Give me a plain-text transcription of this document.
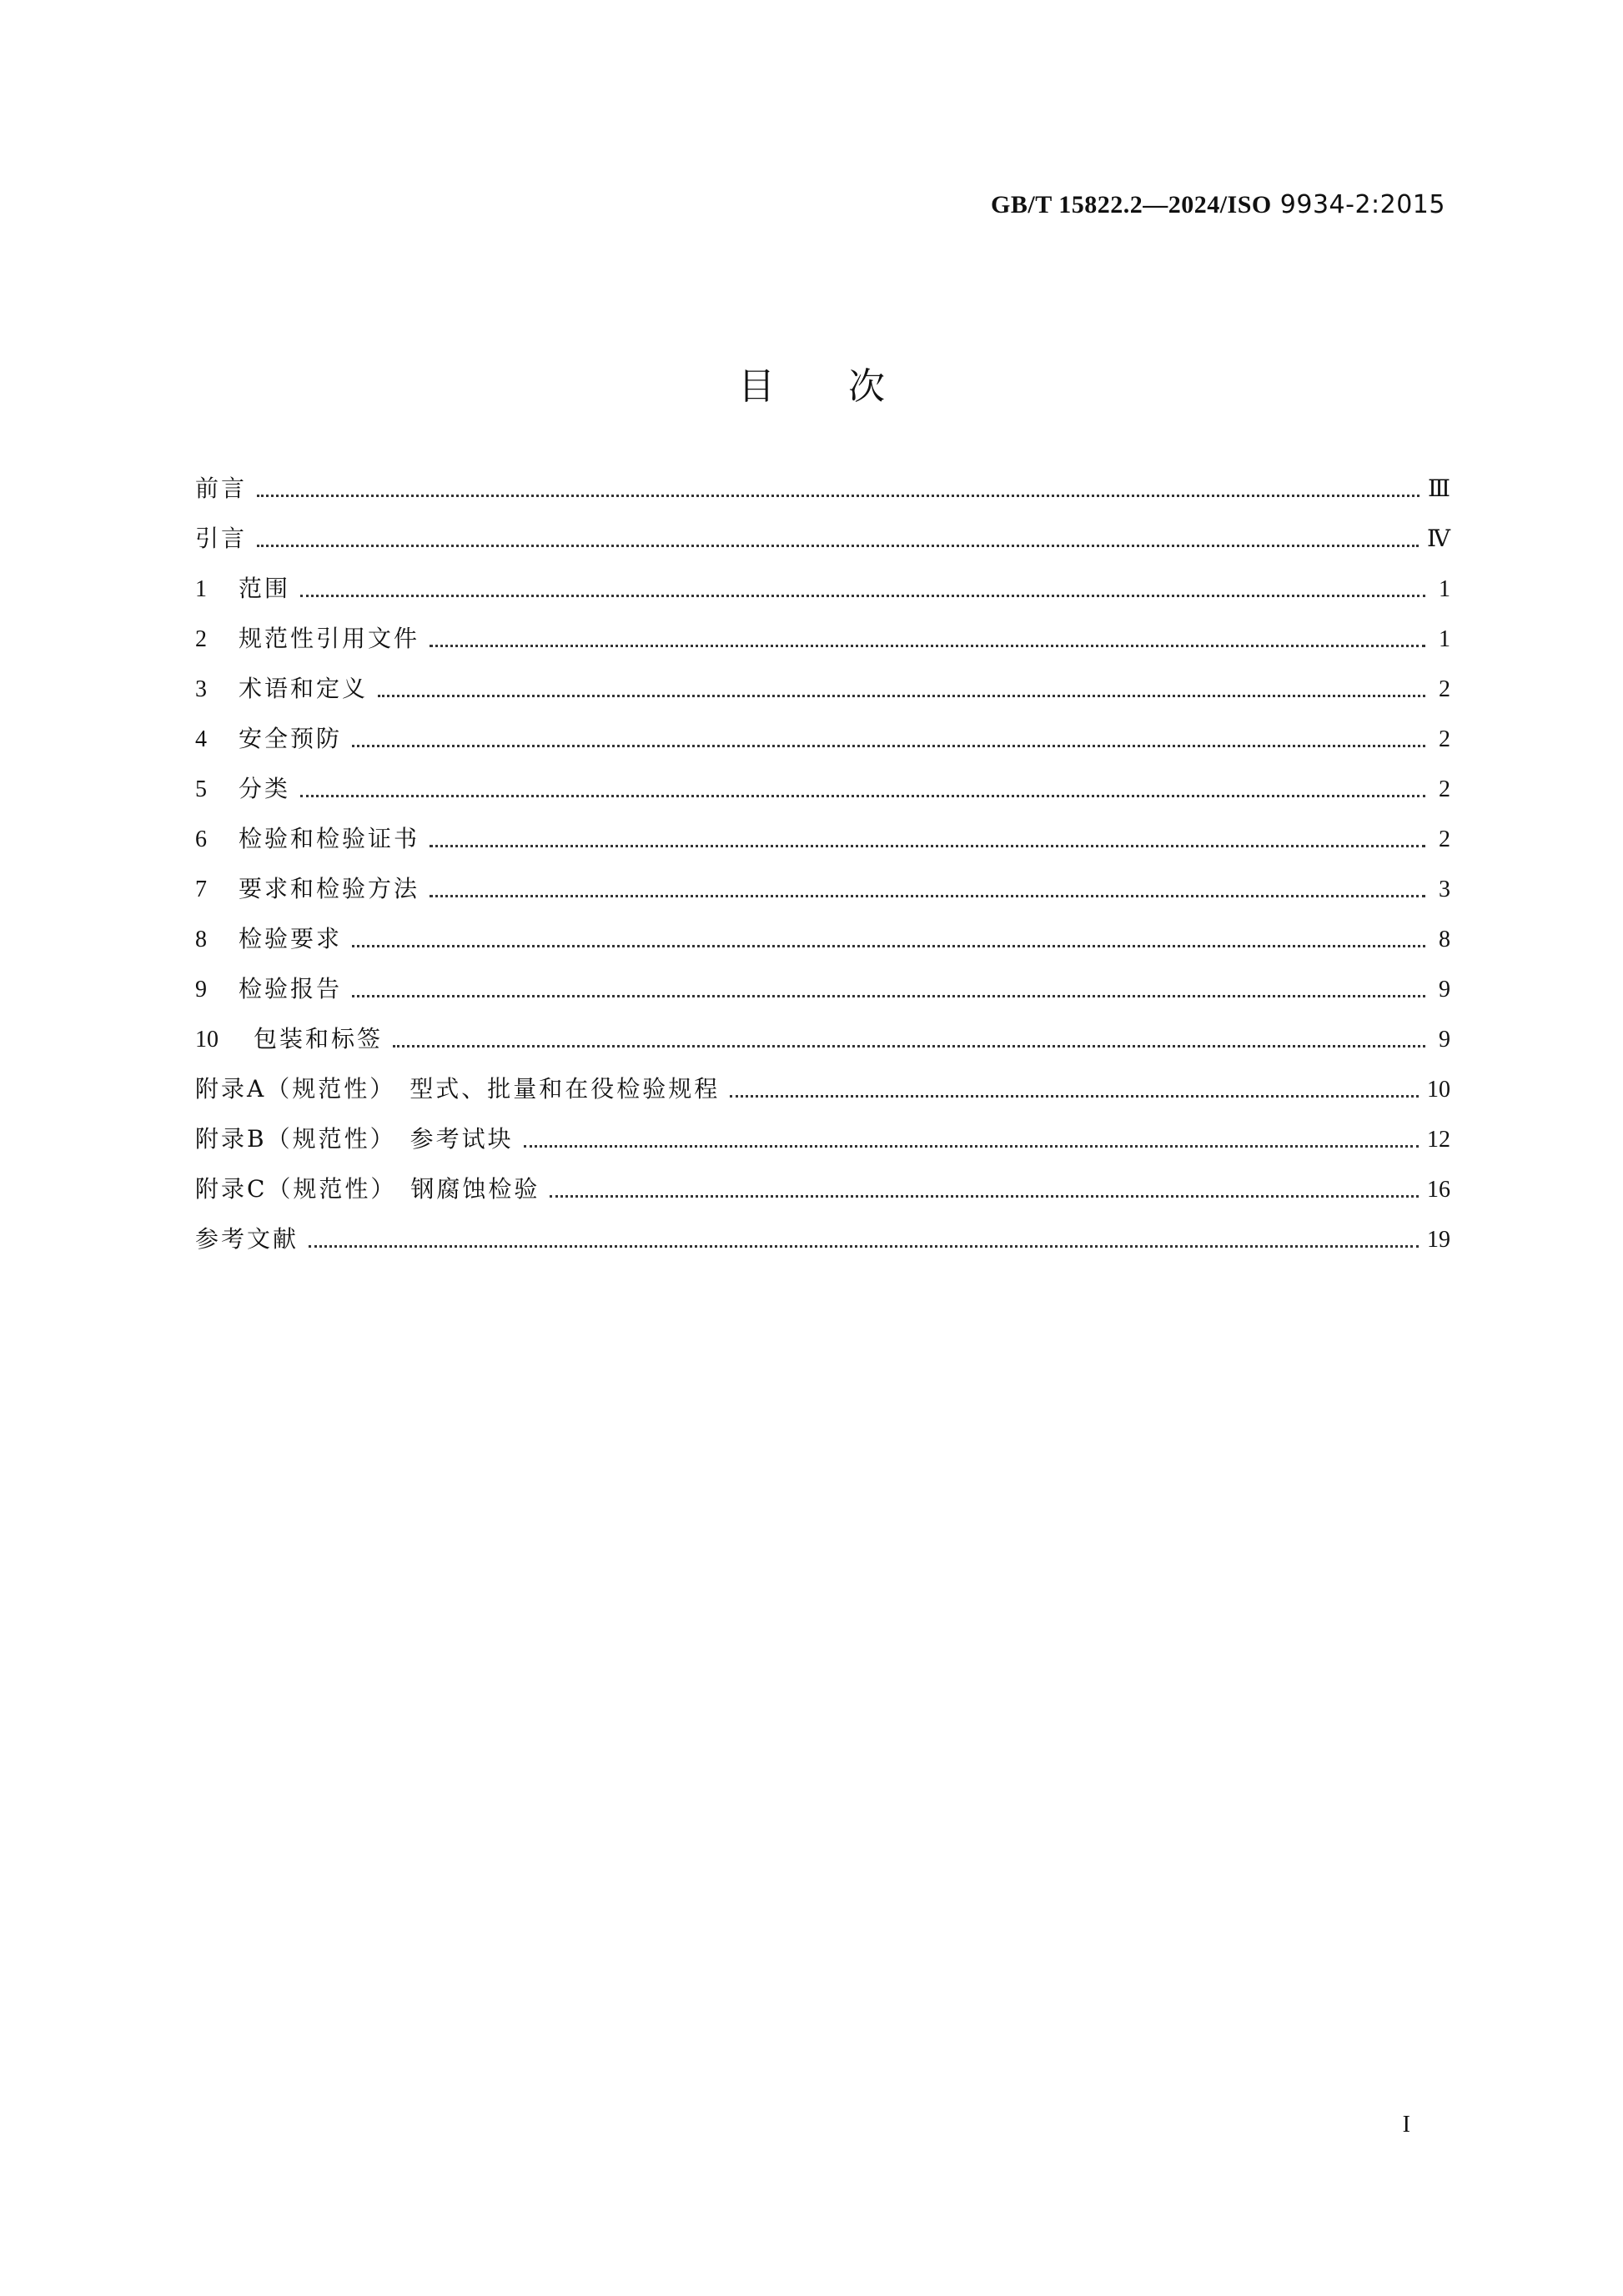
GB/T 15822.2—2024/ISO 9934-2:2015
目次
前言	Ⅲ
引言	Ⅳ
1	范围	1
2	规范性引用文件	1
3	术语和定义	2
4	安全预防	2
5	分类	2
6	检验和检验证书	2
7	要求和检验方法	3
8	检验要求	8
9	检验报告	9
10	包装和标签	9
附录A（规范性）　型式、批量和在役检验规程	10
附录B（规范性）　参考试块	12
附录C（规范性）　钢腐蚀检验	16
参考文献	19
I
